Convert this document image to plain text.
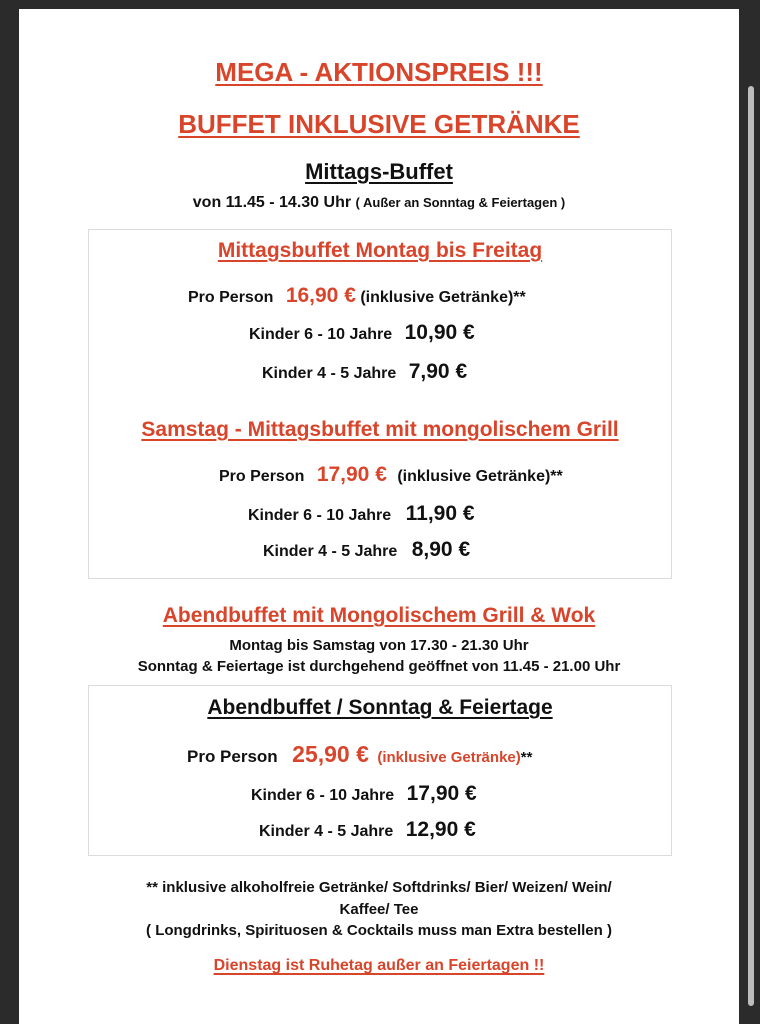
MEGA - AKTIONSPREIS !!!
BUFFET INKLUSIVE GETRÄNKE
Mittags-Buffet
von 11.45 - 14.30 Uhr ( Außer an Sonntag & Feiertagen )
Mittagsbuffet Montag bis Freitag
Pro Person 16,90 € (inklusive Getränke)**
Kinder 6 - 10 Jahre 10,90 €
Kinder 4 - 5 Jahre 7,90 €
Samstag - Mittagsbuffet mit mongolischem Grill
Pro Person 17,90 € (inklusive Getränke)**
Kinder 6 - 10 Jahre 11,90 €
Kinder 4 - 5 Jahre 8,90 €
Abendbuffet mit Mongolischem Grill & Wok
Montag bis Samstag von 17.30 - 21.30 Uhr
Sonntag & Feiertage ist durchgehend geöffnet von 11.45 - 21.00 Uhr
Abendbuffet / Sonntag & Feiertage
Pro Person 25,90 € (inklusive Getränke)**
Kinder 6 - 10 Jahre 17,90 €
Kinder 4 - 5 Jahre 12,90 €
** inklusive alkoholfreie Getränke/ Softdrinks/ Bier/ Weizen/ Wein/
Kaffee/ Tee
( Longdrinks, Spirituosen & Cocktails muss man Extra bestellen )
Dienstag ist Ruhetag außer an Feiertagen !!
